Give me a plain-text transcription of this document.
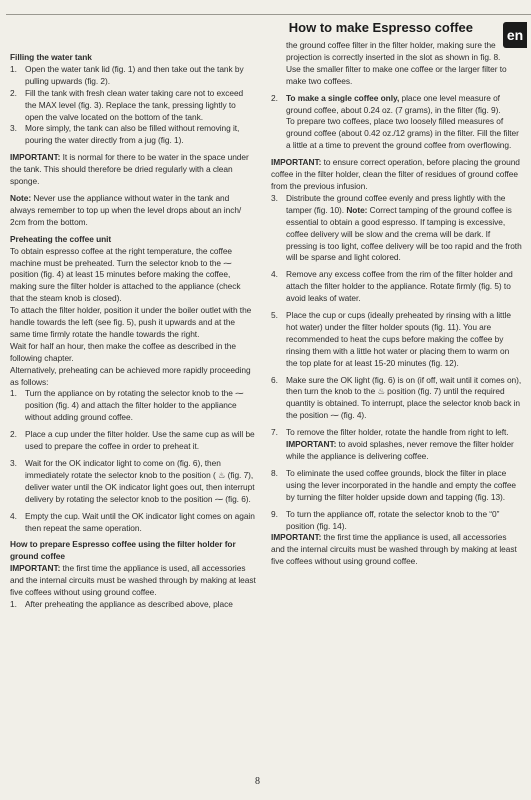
How to make Espresso coffee en

Filling the water tank

1. Open the water tank lid (fig. 1) and then take out the tank by pulling upwards (fig. 2).
2. Fill the tank with fresh clean water taking care not to exceed the MAX level (fig. 3). Replace the tank, pressing lightly to open the valve located on the bottom of the tank.
3. More simply, the tank can also be filled without removing it, pouring the water directly from a jug (fig. 1).

IMPORTANT: It is normal for there to be water in the space under the tank. This should therefore be dried regularly with a clean sponge.

Note: Never use the appliance without water in the tank and always remember to top up when the level drops about an inch/ 2cm from the bottom.

Preheating the coffee unit

To obtain espresso coffee at the right temperature, the coffee machine must be preheated. Turn the selector knob to the ⁓ position (fig. 4) at least 15 minutes before making the coffee, making sure the filter holder is attached to the appliance (check that the steam knob is closed).

To attach the filter holder, position it under the boiler outlet with the handle towards the left (see fig. 5), push it upwards and at the same time firmly rotate the handle towards the right.

Wait for half an hour, then make the coffee as described in the following chapter.

Alternatively, preheating can be achieved more rapidly proceeding as follows:

1. Turn the appliance on by rotating the selector knob to the ⁓ position (fig. 4) and attach the filter holder to the appliance without adding ground coffee.
2. Place a cup under the filter holder. Use the same cup as will be used to prepare the coffee in order to preheat it.
3. Wait for the OK indicator light to come on (fig. 6), then immediately rotate the selector knob to the position ( ♨ (fig. 7), deliver water until the OK indicator light goes out, then interrupt delivery by rotating the selector knob to the position ⁓ (fig. 6).
4. Empty the cup. Wait until the OK indicator light comes on again then repeat the same operation.

How to prepare Espresso coffee using the filter holder for ground coffee

IMPORTANT: the first time the appliance is used, all accessories and the internal circuits must be washed through by making at least five coffees without using ground coffee.

1. After preheating the appliance as described above, place

the ground coffee filter in the filter holder, making sure the projection is correctly inserted in the slot as shown in fig. 8.

Use the smaller filter to make one coffee or the larger filter to make two coffees.

2. To make a single coffee only, place one level measure of ground coffee, about 0.24 oz. (7 grams), in the filter (fig. 9).

To prepare two coffees, place two loosely filled measures of ground coffee (about 0.42 oz./12 grams) in the filter. Fill the filter a little at a time to prevent the ground coffee from overflowing.

IMPORTANT: to ensure correct operation, before placing the ground coffee in the filter holder, clean the filter of residues of ground coffee from the previous infusion.

3. Distribute the ground coffee evenly and press lightly with the tamper (fig. 10). Note: Correct tamping of the ground coffee is essential to obtain a good espresso. If tamping is excessive, coffee delivery will be slow and the crema will be dark. If pressing is too light, coffee delivery will be too rapid and the froth will be sparse and light colored.
4. Remove any excess coffee from the rim of the filter holder and attach the filter holder to the appliance. Rotate firmly (fig. 5) to avoid leaks of water.
5. Place the cup or cups (ideally preheated by rinsing with a little hot water) under the filter holder spouts (fig. 11). You are recommended to heat the cups before making the coffee by rinsing them with a little hot water or placing them to warm on the top plate for at least 15-20 minutes (fig. 12).
6. Make sure the OK light (fig. 6) is on (if off, wait until it comes on), then turn the knob to the ♨ position (fig. 7) until the required quantity is obtained. To interrupt, place the selector knob back in the position ⁓ (fig. 4).
7. To remove the filter holder, rotate the handle from right to left.
IMPORTANT: to avoid splashes, never remove the filter holder while the appliance is delivering coffee.
8. To eliminate the used coffee grounds, block the filter in place using the lever incorporated in the handle and empty the coffee by turning the filter holder upside down and tapping (fig. 13).
9. To turn the appliance off, rotate the selector knob to the “0” position (fig. 14).

IMPORTANT: the first time the appliance is used, all accessories and the internal circuits must be washed through by making at least five coffees without using ground coffee.

8
